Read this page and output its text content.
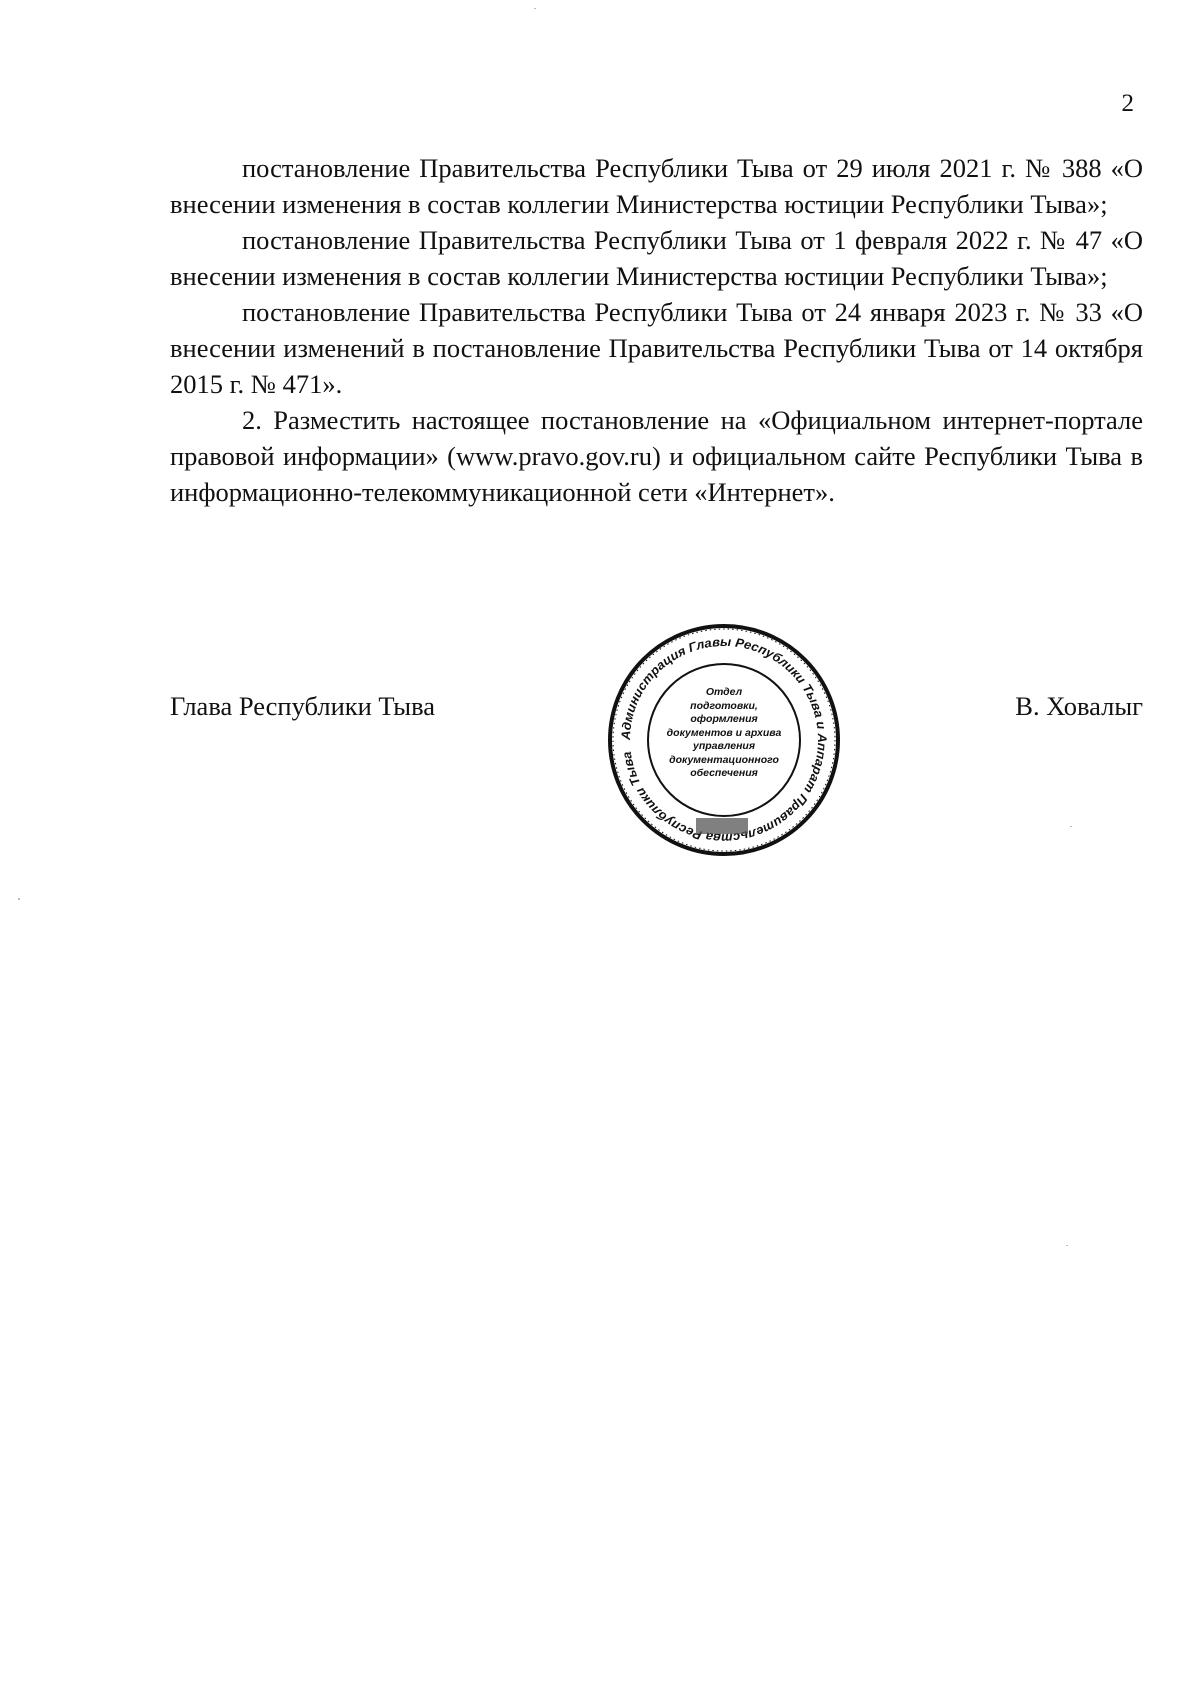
2

постановление Правительства Республики Тыва от 29 июля 2021 г. № 388 «О внесении изменения в состав коллегии Министерства юстиции Республики Тыва»;

постановление Правительства Республики Тыва от 1 февраля 2022 г. № 47 «О внесении изменения в состав коллегии Министерства юстиции Республики Тыва»;

постановление Правительства Республики Тыва от 24 января 2023 г. № 33 «О внесении изменений в постановление Правительства Республики Тыва от 14 октября 2015 г. № 471».

2. Разместить настоящее постановление на «Официальном интернет-портале правовой информации» (www.pravo.gov.ru) и официальном сайте Республики Тыва в информационно-телекоммуникационной сети «Интернет».

Глава Республики Тыва	В. Ховалыг
Администрация Главы Республики Тыва и Аппарат Правительства Республики Тыва
Отдел
подготовки,
оформления
документов и архива
управления
документационного
обеспечения
